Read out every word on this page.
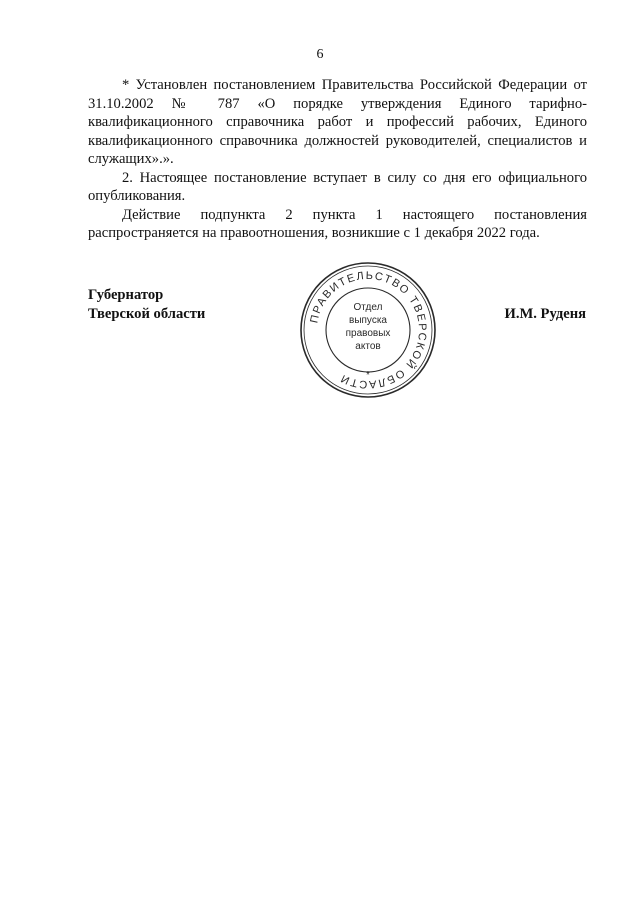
6

* Установлен постановлением Правительства Российской Федерации от 31.10.2002 № 787 «О порядке утверждения Единого тарифно-квалификационного справочника работ и профессий рабочих, Единого квалификационного справочника должностей руководителей, специалистов и служащих».».

2. Настоящее постановление вступает в силу со дня его официального опубликования.

Действие подпункта 2 пункта 1 настоящего постановления распространяется на правоотношения, возникшие с 1 декабря 2022 года.

Губернатор
Тверской области	ПРАВИТЕЛЬСТВО ТВЕРСКОЙ ОБЛАСТИ	*
Отдел
выпуска
правовых
актов
И.М. Руденя
